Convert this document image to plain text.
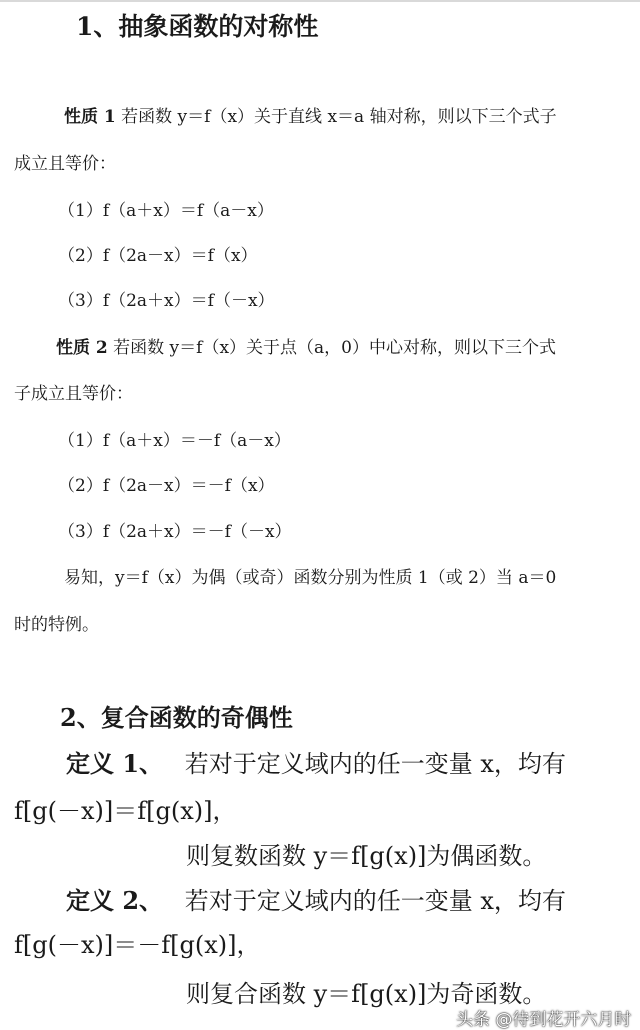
1、抽象函数的对称性
性质 1 若函数 y＝f（x）关于直线 x＝a 轴对称，则以下三个式子
成立且等价：
（1）f（a＋x）＝f（a－x）
（2）f（2a－x）＝f（x）
（3）f（2a＋x）＝f（－x）
性质 2 若函数 y＝f（x）关于点（a，0）中心对称，则以下三个式
子成立且等价：
（1）f（a＋x）＝－f（a－x）
（2）f（2a－x）＝－f（x）
（3）f（2a＋x）＝－f（－x）
易知，y＝f（x）为偶（或奇）函数分别为性质 1（或 2）当 a＝0
时的特例。
2、复合函数的奇偶性
定义 1、 若对于定义域内的任一变量 x，均有
f[g(－x)]＝f[g(x)]，
则复数函数 y＝f[g(x)]为偶函数。
定义 2、 若对于定义域内的任一变量 x，均有
f[g(－x)]＝－f[g(x)]，
则复合函数 y＝f[g(x)]为奇函数。
头条 @待到花开六月时
